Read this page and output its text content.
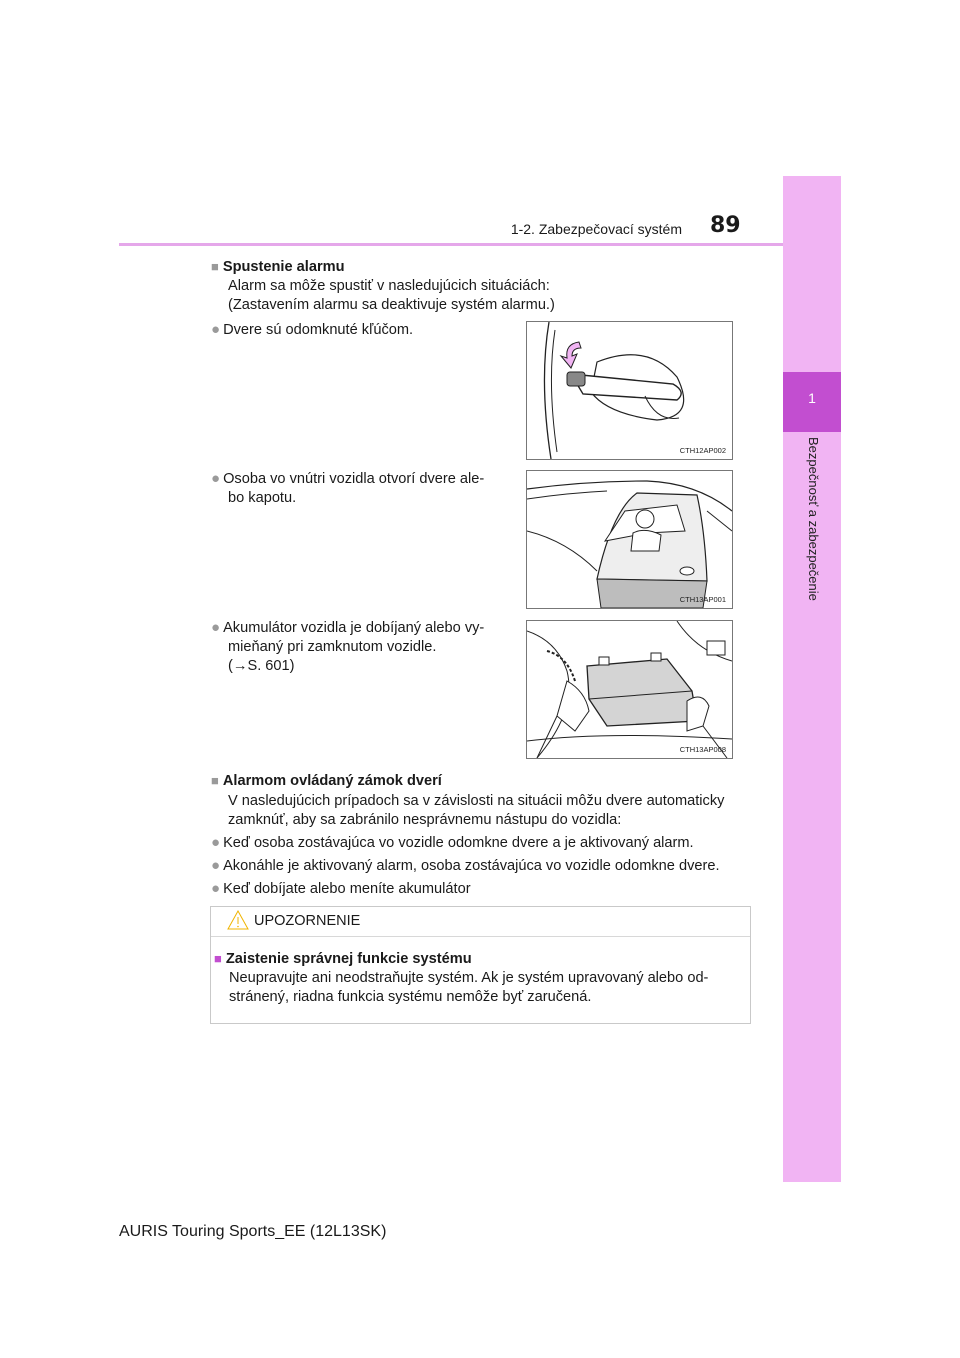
1
Bezpečnosť a zabezpečenie
1-2. Zabezpečovací systém 89
■ Spustenie alarmu
Alarm sa môže spustiť v nasledujúcich situáciách:
(Zastavením alarmu sa deaktivuje systém alarmu.)
● Dvere sú odomknuté kľúčom.
CTH12AP002
● Osoba vo vnútri vozidla otvorí dvere ale-
bo kapotu.
CTH13AP001
● Akumulátor vozidla je dobíjaný alebo vy-
mieňaný pri zamknutom vozidle.
(→S. 601)
CTH13AP008
■ Alarmom ovládaný zámok dverí
V nasledujúcich prípadoch sa v závislosti na situácii môžu dvere automaticky
zamknúť, aby sa zabránilo nesprávnemu nástupu do vozidla:
● Keď osoba zostávajúca vo vozidle odomkne dvere a je aktivovaný alarm.
● Akonáhle je aktivovaný alarm, osoba zostávajúca vo vozidle odomkne dvere.
● Keď dobíjate alebo meníte akumulátor
UPOZORNENIE
■ Zaistenie správnej funkcie systému
Neupravujte ani neodstraňujte systém. Ak je systém upravovaný alebo od-
stránený, riadna funkcia systému nemôže byť zaručená.
AURIS Touring Sports_EE (12L13SK)
